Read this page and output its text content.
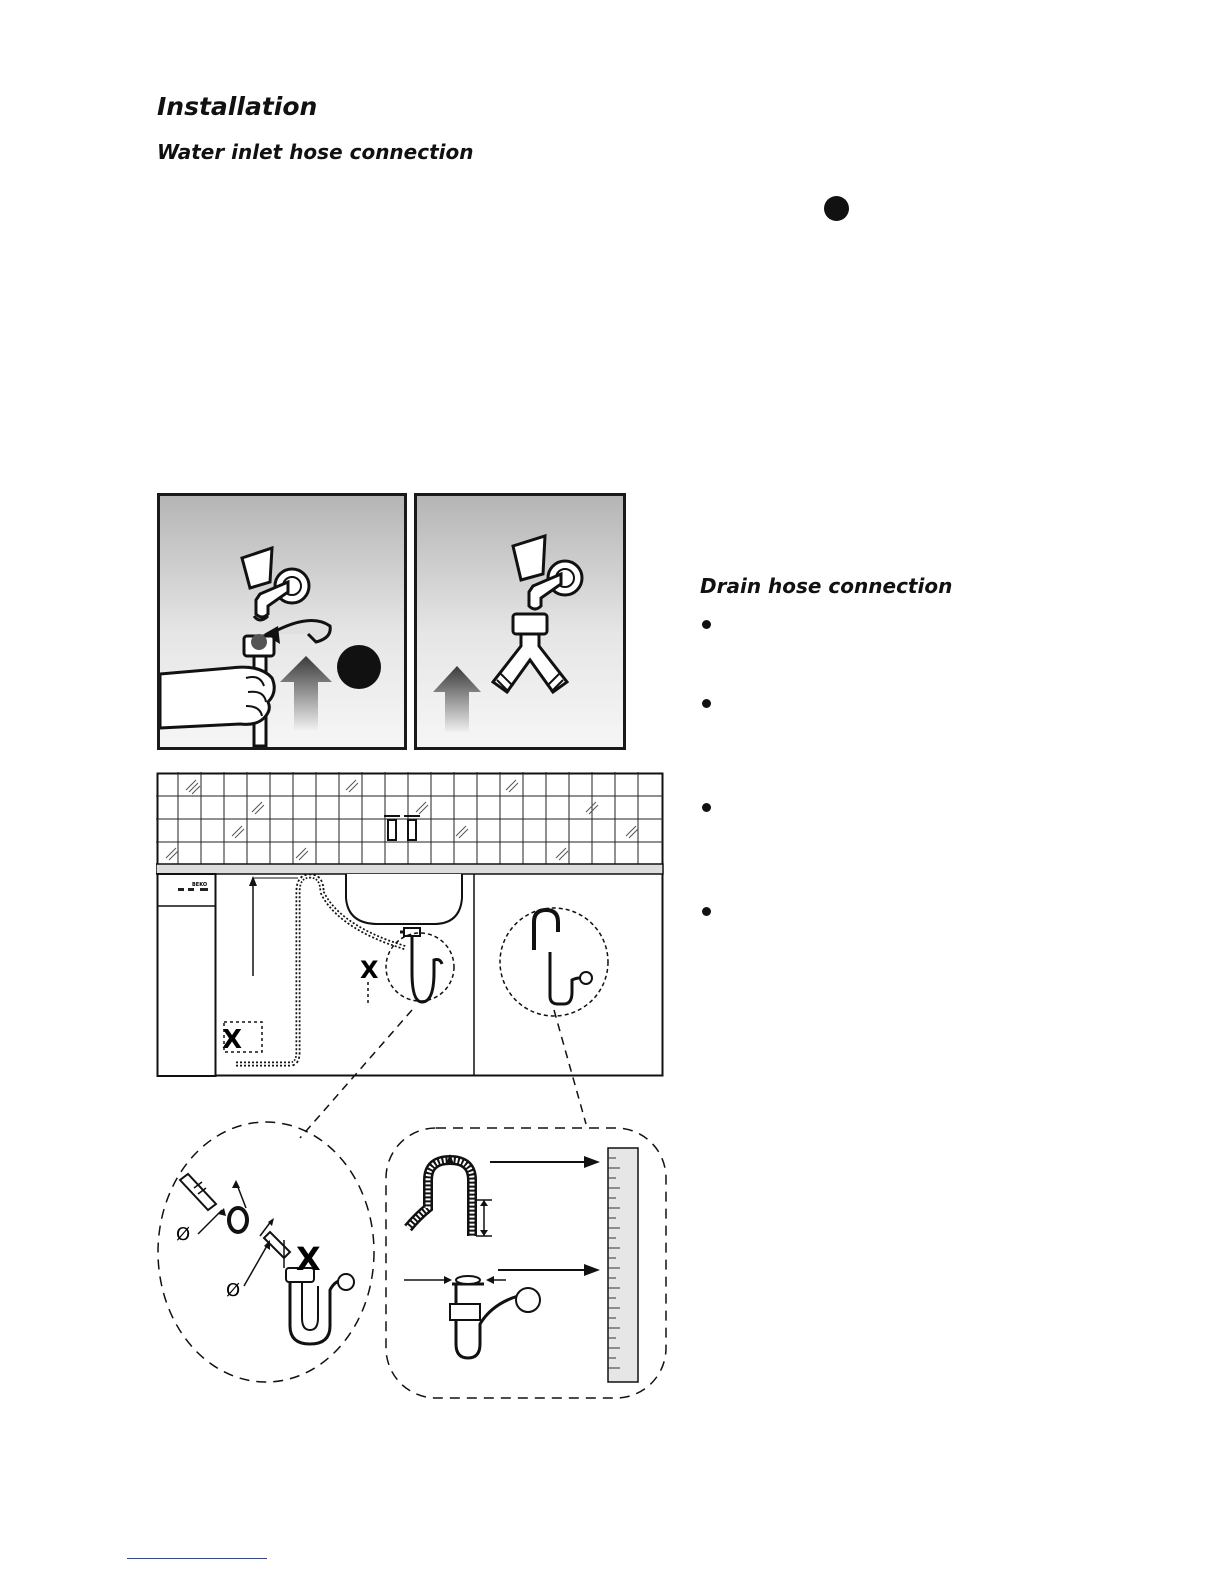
Installation
Water inlet hose connection
Drain hose connection
BEKO
X
X
Ø
Ø
X
